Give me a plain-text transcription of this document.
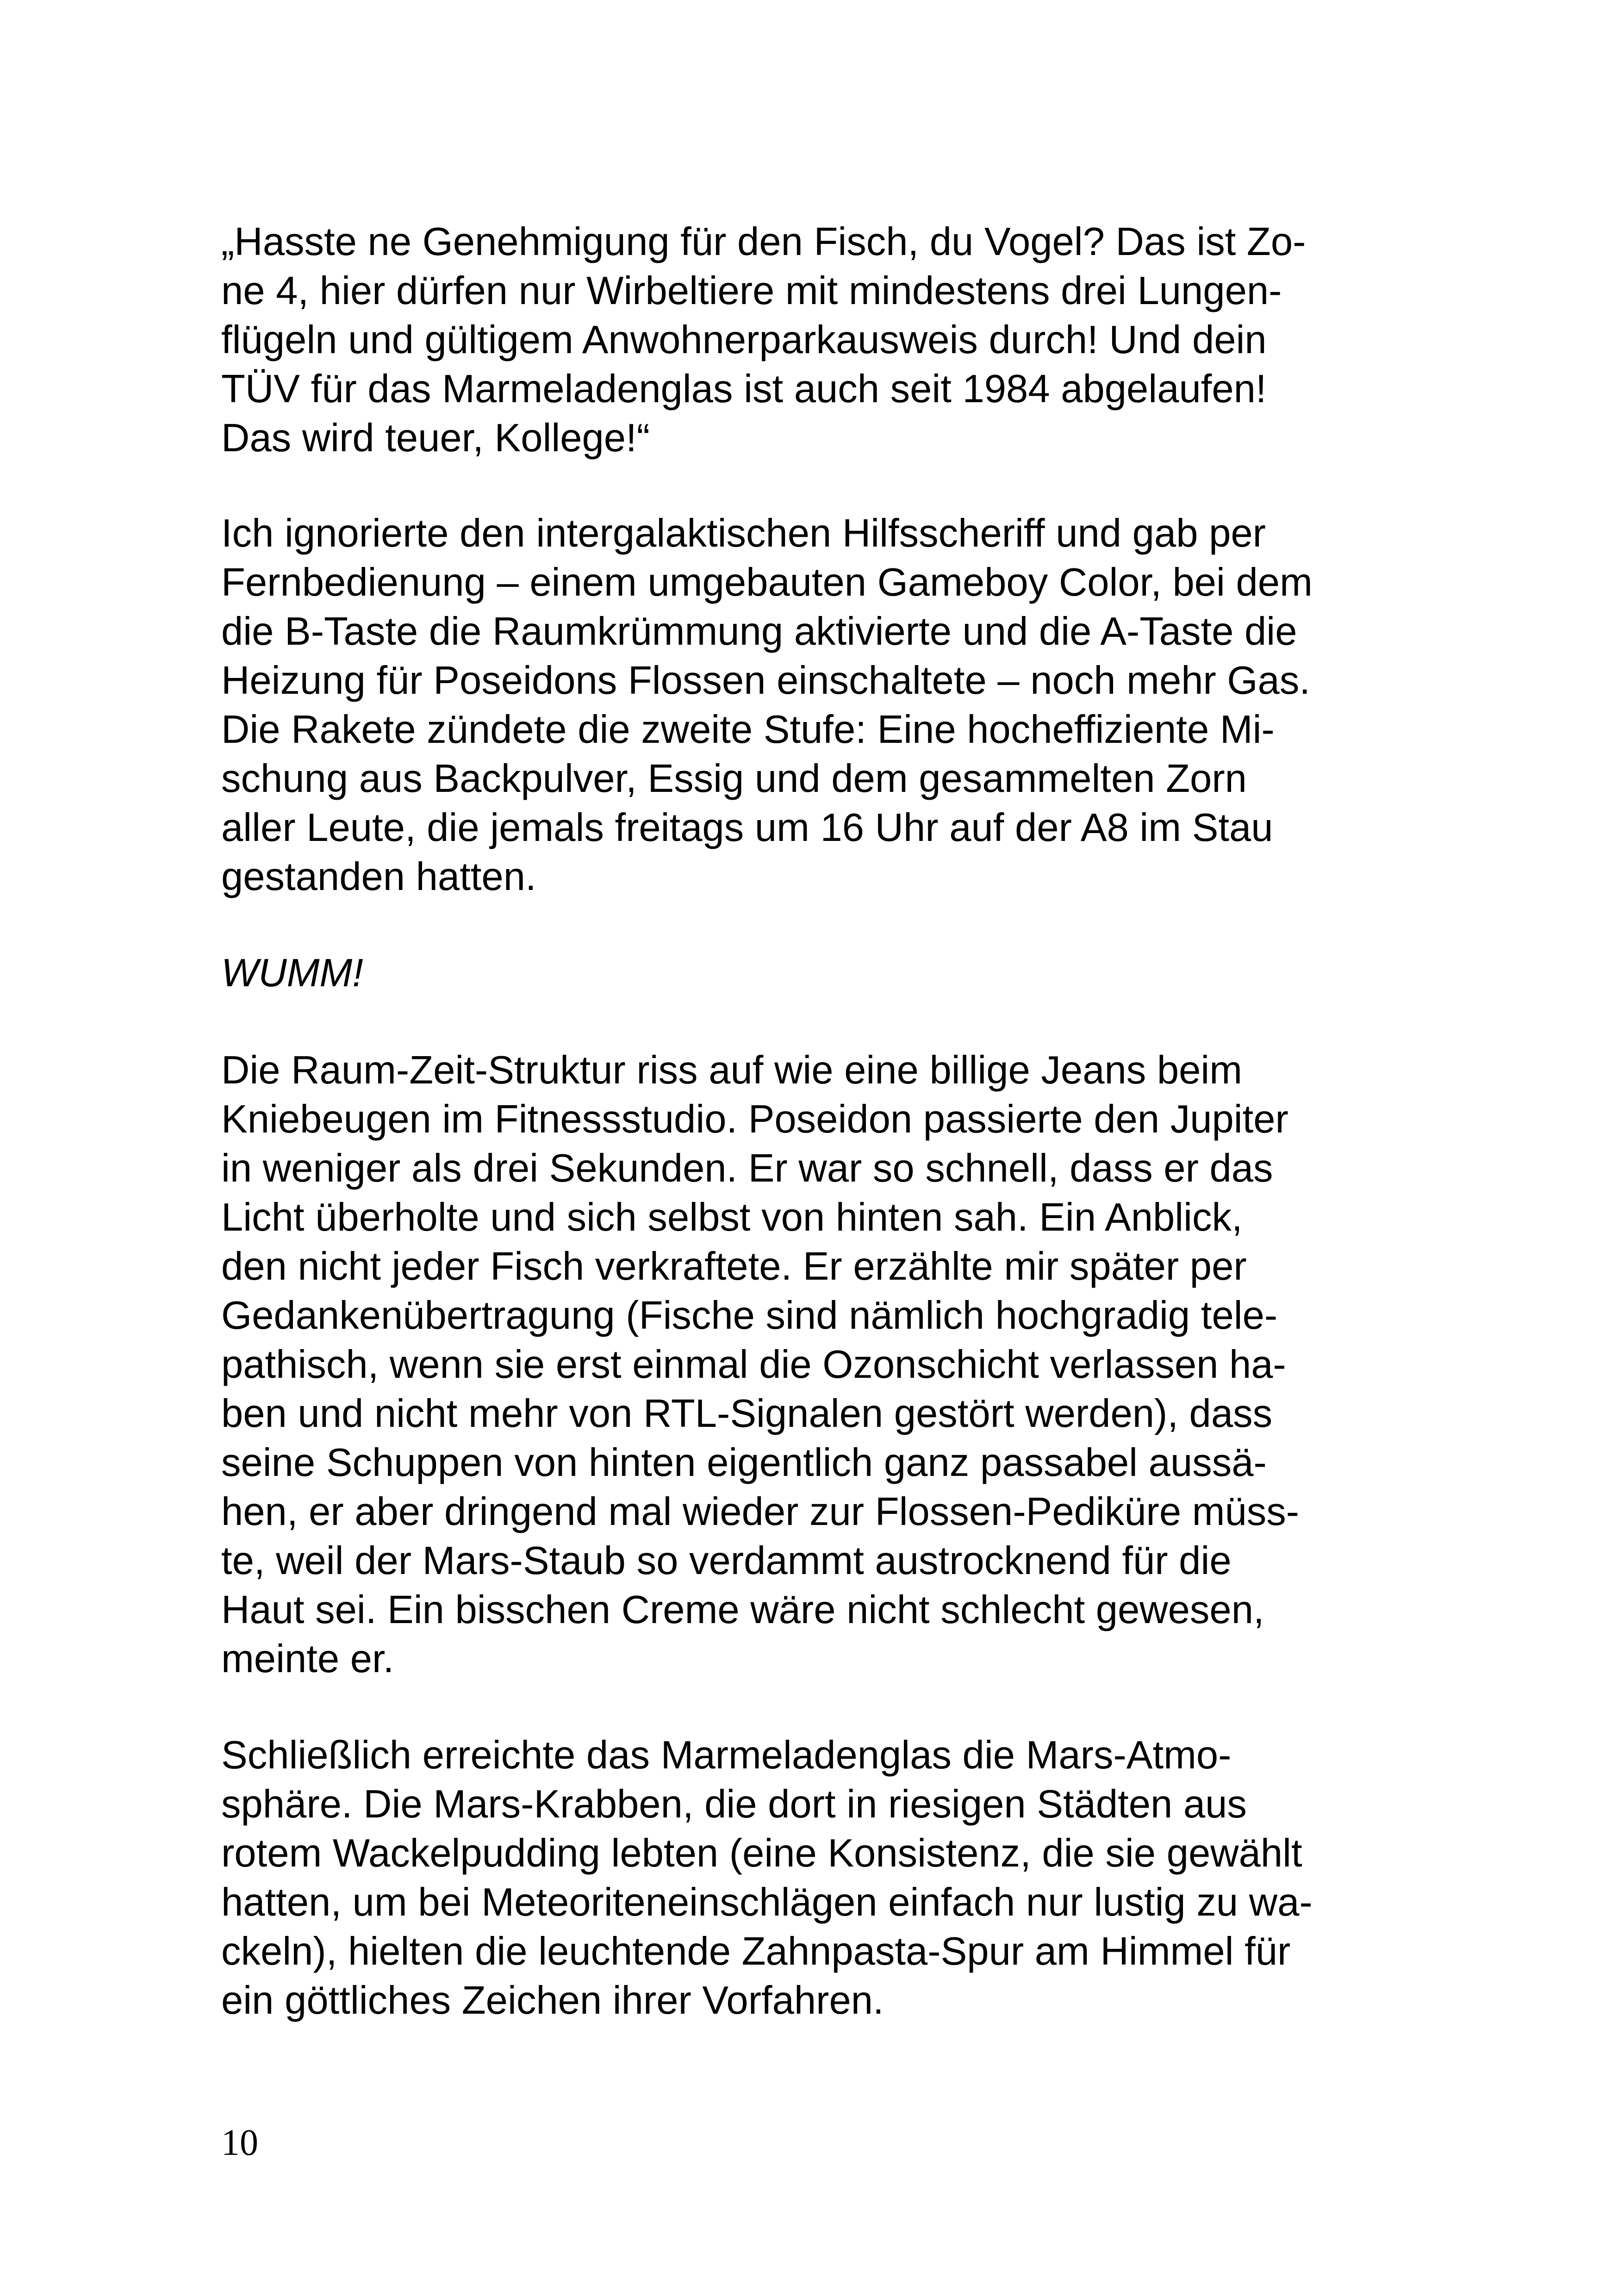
„Hasste ne Genehmigung für den Fisch, du Vogel? Das ist Zo-
ne 4, hier dürfen nur Wirbeltiere mit mindestens drei Lungen-
flügeln und gültigem Anwohnerparkausweis durch! Und dein
TÜV für das Marmeladenglas ist auch seit 1984 abgelaufen!
Das wird teuer, Kollege!“

Ich ignorierte den intergalaktischen Hilfsscheriff und gab per
Fernbedienung – einem umgebauten Gameboy Color, bei dem
die B-Taste die Raumkrümmung aktivierte und die A-Taste die
Heizung für Poseidons Flossen einschaltete – noch mehr Gas.
Die Rakete zündete die zweite Stufe: Eine hocheffiziente Mi-
schung aus Backpulver, Essig und dem gesammelten Zorn
aller Leute, die jemals freitags um 16 Uhr auf der A8 im Stau
gestanden hatten.

WUMM!

Die Raum-Zeit-Struktur riss auf wie eine billige Jeans beim
Kniebeugen im Fitnessstudio. Poseidon passierte den Jupiter
in weniger als drei Sekunden. Er war so schnell, dass er das
Licht überholte und sich selbst von hinten sah. Ein Anblick,
den nicht jeder Fisch verkraftete. Er erzählte mir später per
Gedankenübertragung (Fische sind nämlich hochgradig tele-
pathisch, wenn sie erst einmal die Ozonschicht verlassen ha-
ben und nicht mehr von RTL-Signalen gestört werden), dass
seine Schuppen von hinten eigentlich ganz passabel aussä-
hen, er aber dringend mal wieder zur Flossen-Pediküre müss-
te, weil der Mars-Staub so verdammt austrocknend für die
Haut sei. Ein bisschen Creme wäre nicht schlecht gewesen,
meinte er.

Schließlich erreichte das Marmeladenglas die Mars-Atmo-
sphäre. Die Mars-Krabben, die dort in riesigen Städten aus
rotem Wackelpudding lebten (eine Konsistenz, die sie gewählt
hatten, um bei Meteoriteneinschlägen einfach nur lustig zu wa-
ckeln), hielten die leuchtende Zahnpasta-Spur am Himmel für
ein göttliches Zeichen ihrer Vorfahren.

10
